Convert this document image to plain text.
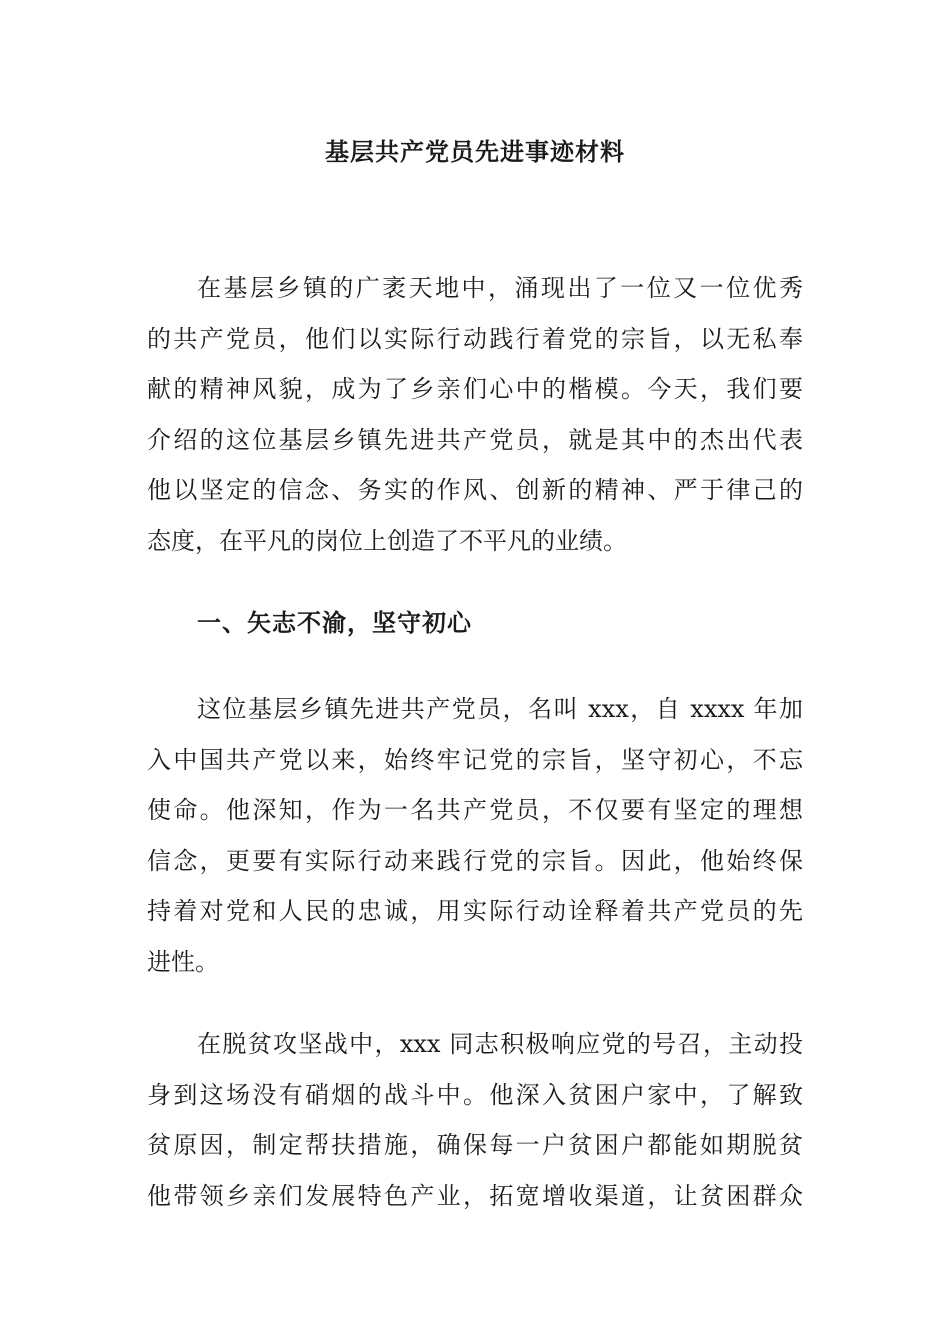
基层共产党员先进事迹材料
在基层乡镇的广袤天地中，涌现出了一位又一位优秀
的共产党员，他们以实际行动践行着党的宗旨，以无私奉
献的精神风貌，成为了乡亲们心中的楷模。今天，我们要
介绍的这位基层乡镇先进共产党员，就是其中的杰出代表
他以坚定的信念、务实的作风、创新的精神、严于律己的
态度，在平凡的岗位上创造了不平凡的业绩。
一、矢志不渝，坚守初心
这位基层乡镇先进共产党员，名叫 xxx，自 xxxx 年加
入中国共产党以来，始终牢记党的宗旨，坚守初心，不忘
使命。他深知，作为一名共产党员，不仅要有坚定的理想
信念，更要有实际行动来践行党的宗旨。因此，他始终保
持着对党和人民的忠诚，用实际行动诠释着共产党员的先
进性。
在脱贫攻坚战中，xxx 同志积极响应党的号召，主动投
身到这场没有硝烟的战斗中。他深入贫困户家中，了解致
贫原因，制定帮扶措施，确保每一户贫困户都能如期脱贫
他带领乡亲们发展特色产业，拓宽增收渠道，让贫困群众
